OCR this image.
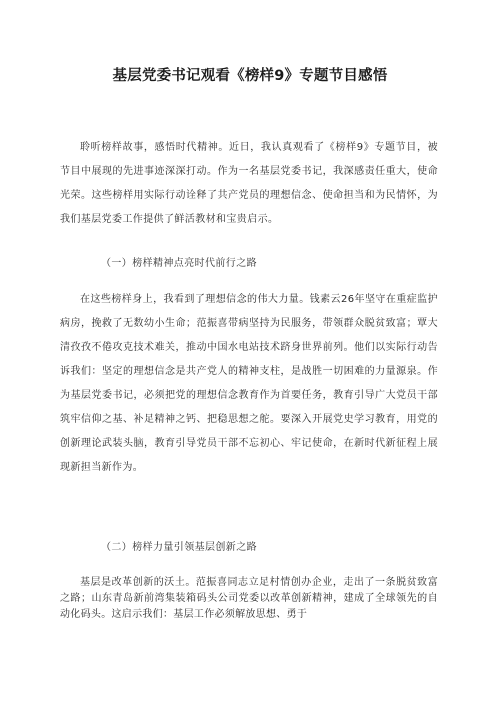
基层党委书记观看《榜样9》专题节目感悟

聆听榜样故事，感悟时代精神。近日，我认真观看了《榜样9》专题节目，被节目中展现的先进事迹深深打动。作为一名基层党委书记，我深感责任重大，使命光荣。这些榜样用实际行动诠释了共产党员的理想信念、使命担当和为民情怀，为我们基层党委工作提供了鲜活教材和宝贵启示。

（一）榜样精神点亮时代前行之路

在这些榜样身上，我看到了理想信念的伟大力量。钱素云26年坚守在重症监护病房，挽救了无数幼小生命；范振喜带病坚持为民服务，带领群众脱贫致富；覃大清孜孜不倦攻克技术难关，推动中国水电站技术跻身世界前列。他们以实际行动告诉我们：坚定的理想信念是共产党人的精神支柱，是战胜一切困难的力量源泉。作为基层党委书记，必须把党的理想信念教育作为首要任务，教育引导广大党员干部筑牢信仰之基、补足精神之钙、把稳思想之舵。要深入开展党史学习教育，用党的创新理论武装头脑，教育引导党员干部不忘初心、牢记使命，在新时代新征程上展现新担当新作为。

（二）榜样力量引领基层创新之路

基层是改革创新的沃土。范振喜同志立足村情创办企业，走出了一条脱贫致富之路；山东青岛新前湾集装箱码头公司党委以改革创新精神，建成了全球领先的自动化码头。这启示我们：基层工作必须解放思想、勇于
